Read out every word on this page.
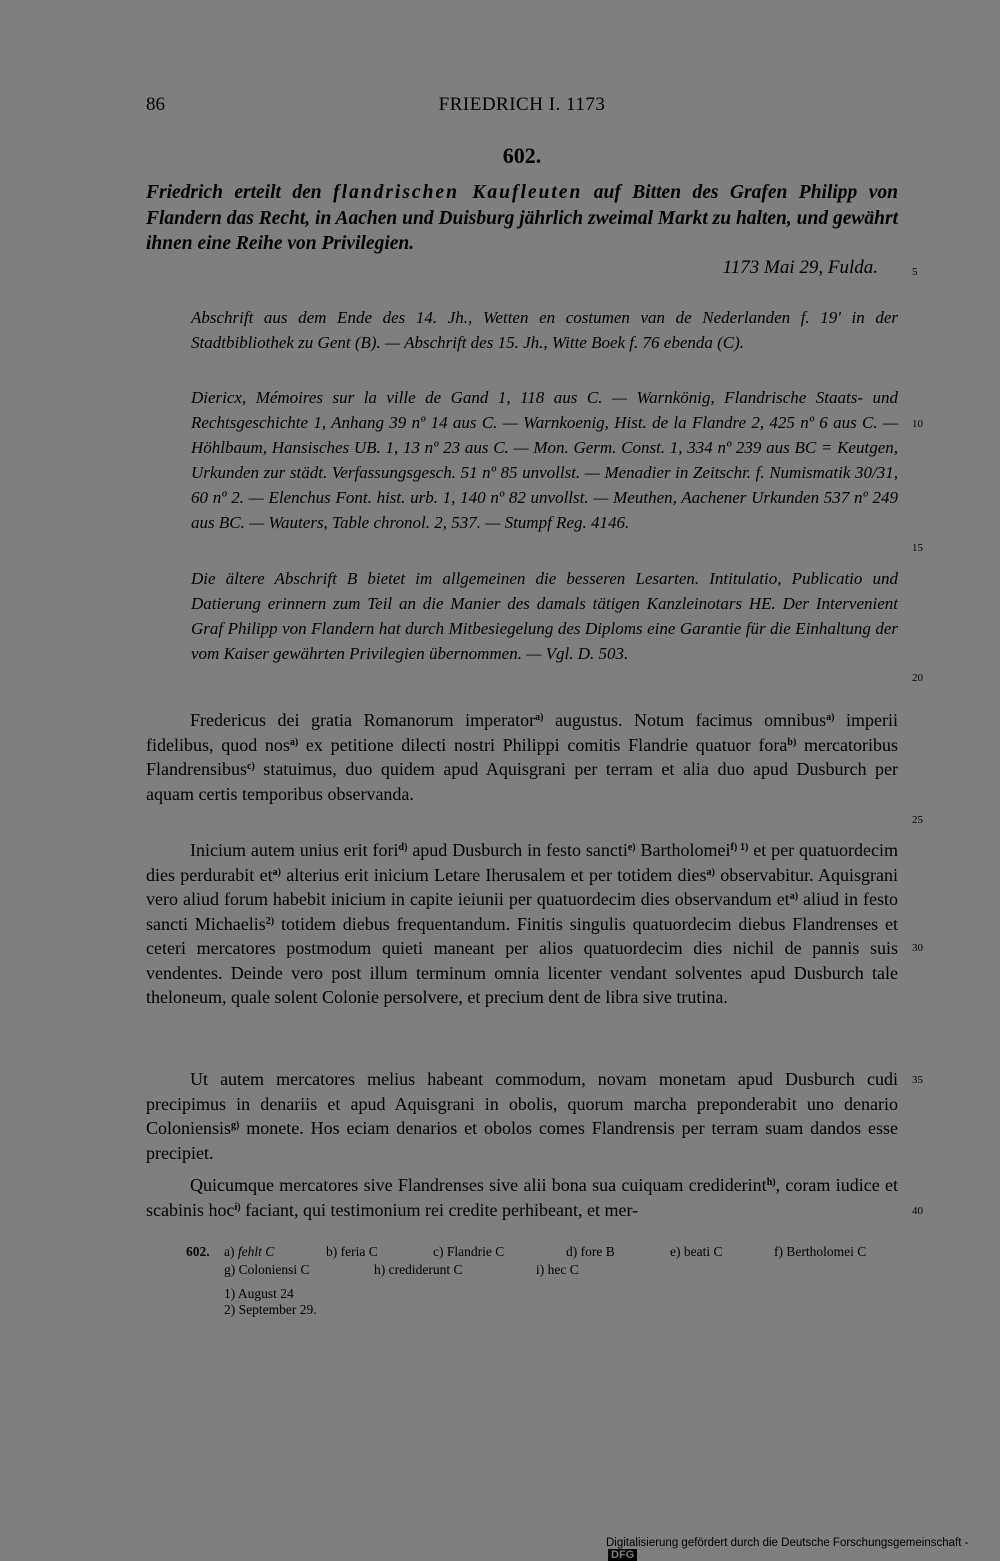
86	FRIEDRICH I. 1173
602.
Friedrich erteilt den flandrischen Kaufleuten auf Bitten des Grafen Philipp von Flandern das Recht, in Aachen und Duisburg jährlich zweimal Markt zu halten, und gewährt ihnen eine Reihe von Privilegien.
1173 Mai 29, Fulda.	5
10
15
20
25
30
35
40

Abschrift aus dem Ende des 14. Jh., Wetten en costumen van de Nederlanden f. 19' in der Stadtbibliothek zu Gent (B). — Abschrift des 15. Jh., Witte Boek f. 76 ebenda (C).

Diericx, Mémoires sur la ville de Gand 1, 118 aus C. — Warnkönig, Flandrische Staats- und Rechtsgeschichte 1, Anhang 39 nº 14 aus C. — Warnkoenig, Hist. de la Flandre 2, 425 nº 6 aus C. — Höhlbaum, Hansisches UB. 1, 13 nº 23 aus C. — Mon. Germ. Const. 1, 334 nº 239 aus BC = Keutgen, Urkunden zur städt. Verfassungsgesch. 51 nº 85 unvollst. — Menadier in Zeitschr. f. Numismatik 30/31, 60 nº 2. — Elenchus Font. hist. urb. 1, 140 nº 82 unvollst. — Meuthen, Aachener Urkunden 537 nº 249 aus BC. — Wauters, Table chronol. 2, 537. — Stumpf Reg. 4146.

Die ältere Abschrift B bietet im allgemeinen die besseren Lesarten. Intitulatio, Publicatio und Datierung erinnern zum Teil an die Manier des damals tätigen Kanzleinotars HE. Der Intervenient Graf Philipp von Flandern hat durch Mitbesiegelung des Diploms eine Garantie für die Einhaltung der vom Kaiser gewährten Privilegien übernommen. — Vgl. D. 503.

Fredericus dei gratia Romanorum imperator$^{a)}$ augustus. Notum facimus omnibus$^{a)}$ imperii fidelibus, quod nos$^{a)}$ ex petitione dilecti nostri Philippi comitis Flandrie quatuor fora$^{b)}$ mercatoribus Flandrensibus$^{c)}$ statuimus, duo quidem apud Aquisgrani per terram et alia duo apud Dusburch per aquam certis temporibus observanda.

Inicium autem unius erit fori$^{d)}$ apud Dusburch in festo sancti$^{e)}$ Bartholomei$^{f) 1)}$ et per quatuordecim dies perdurabit $et^{a)}$ alterius erit inicium Letare Iherusalem et per totidem dies$^{a)}$ observabitur. Aquisgrani vero aliud forum habebit inicium in capite ieiunii per quatuordecim dies observandum $et^{a)}$ aliud in festo sancti Michaelis$^{2)}$ totidem diebus frequentandum. Finitis singulis quatuordecim diebus Flandrenses et ceteri mercatores postmodum quieti maneant per alios quatuordecim dies nichil de pannis suis vendentes. Deinde vero post illum terminum omnia licenter vendant solventes apud Dusburch tale theloneum, quale solent Colonie persolvere, et precium dent de libra sive trutina.

Ut autem mercatores melius habeant commodum, novam monetam apud Dusburch cudi precipimus in denariis et apud Aquisgrani in obolis, quorum marcha preponderabit uno denario Coloniensis$^{g)}$ monete. Hos eciam denarios et obolos comes Flandrensis per terram suam dandos esse precipiet.

Quicumque mercatores sive Flandrenses sive alii bona sua cuiquam crediderint$^{h)}$, coram iudice et scabinis hoc$^{i)}$ faciant, qui testimonium rei credite perhibeant, et mer-

602. a) fehlt C	b) feria C	c) Flandrie C	d) fore B	e) beati C	f) Bertholomei C
g) Coloniensi C	h) crediderunt C	i) hec C
1) August 24
2) September 29.
Digitalisierung gefördert durch die Deutsche Forschungsgemeinschaft - DFG
